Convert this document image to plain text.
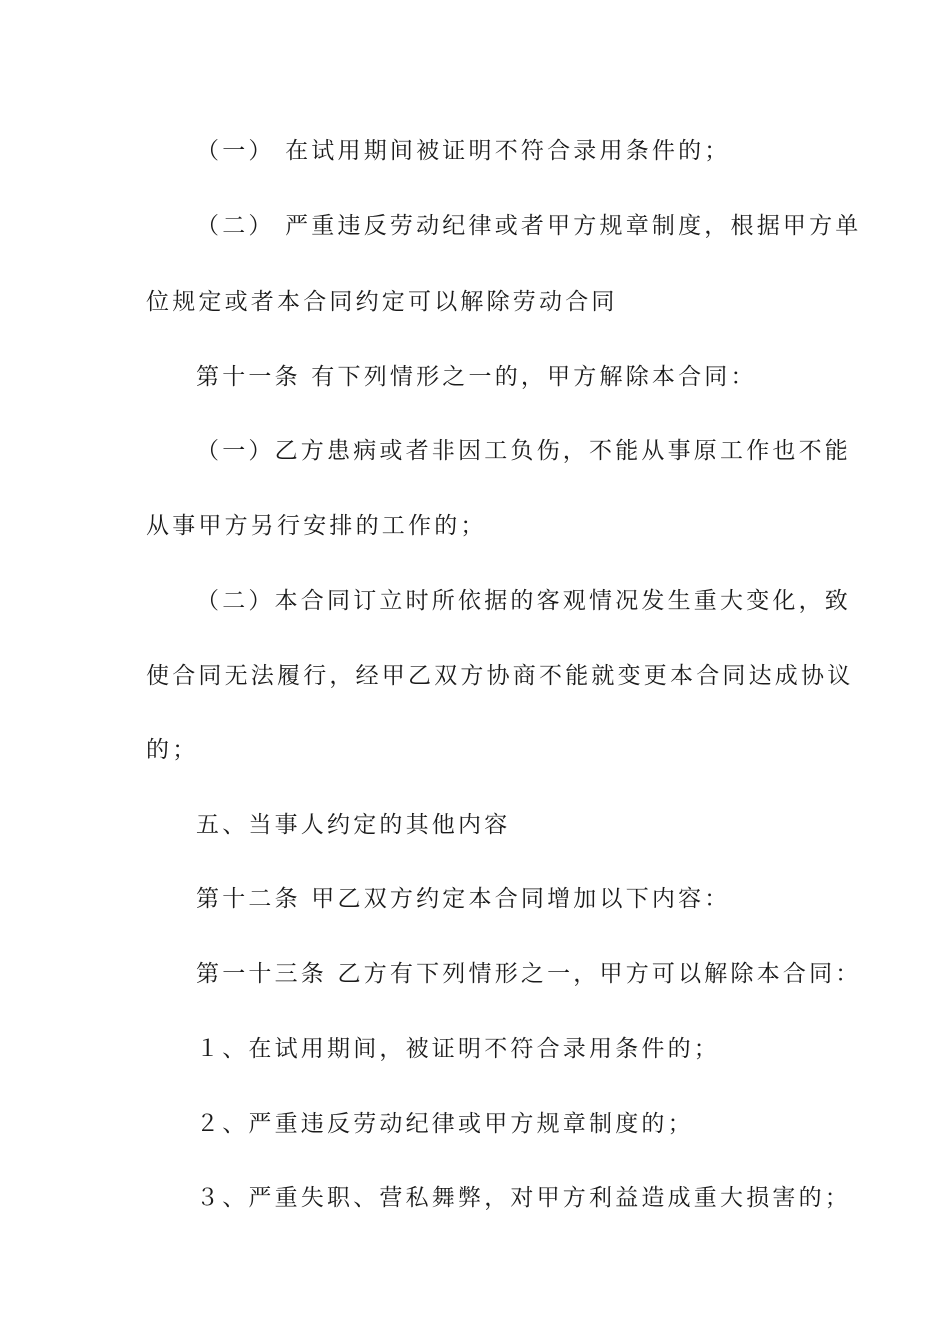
（一） 在试用期间被证明不符合录用条件的；
（二） 严重违反劳动纪律或者甲方规章制度，根据甲方单
位规定或者本合同约定可以解除劳动合同
第十一条 有下列情形之一的，甲方解除本合同：
（一）乙方患病或者非因工负伤，不能从事原工作也不能
从事甲方另行安排的工作的；
（二）本合同订立时所依据的客观情况发生重大变化，致
使合同无法履行，经甲乙双方协商不能就变更本合同达成协议
的；
五、当事人约定的其他内容
第十二条 甲乙双方约定本合同增加以下内容：
第一十三条 乙方有下列情形之一，甲方可以解除本合同：
１、在试用期间，被证明不符合录用条件的；
２、严重违反劳动纪律或甲方规章制度的；
３、严重失职、营私舞弊，对甲方利益造成重大损害的；
